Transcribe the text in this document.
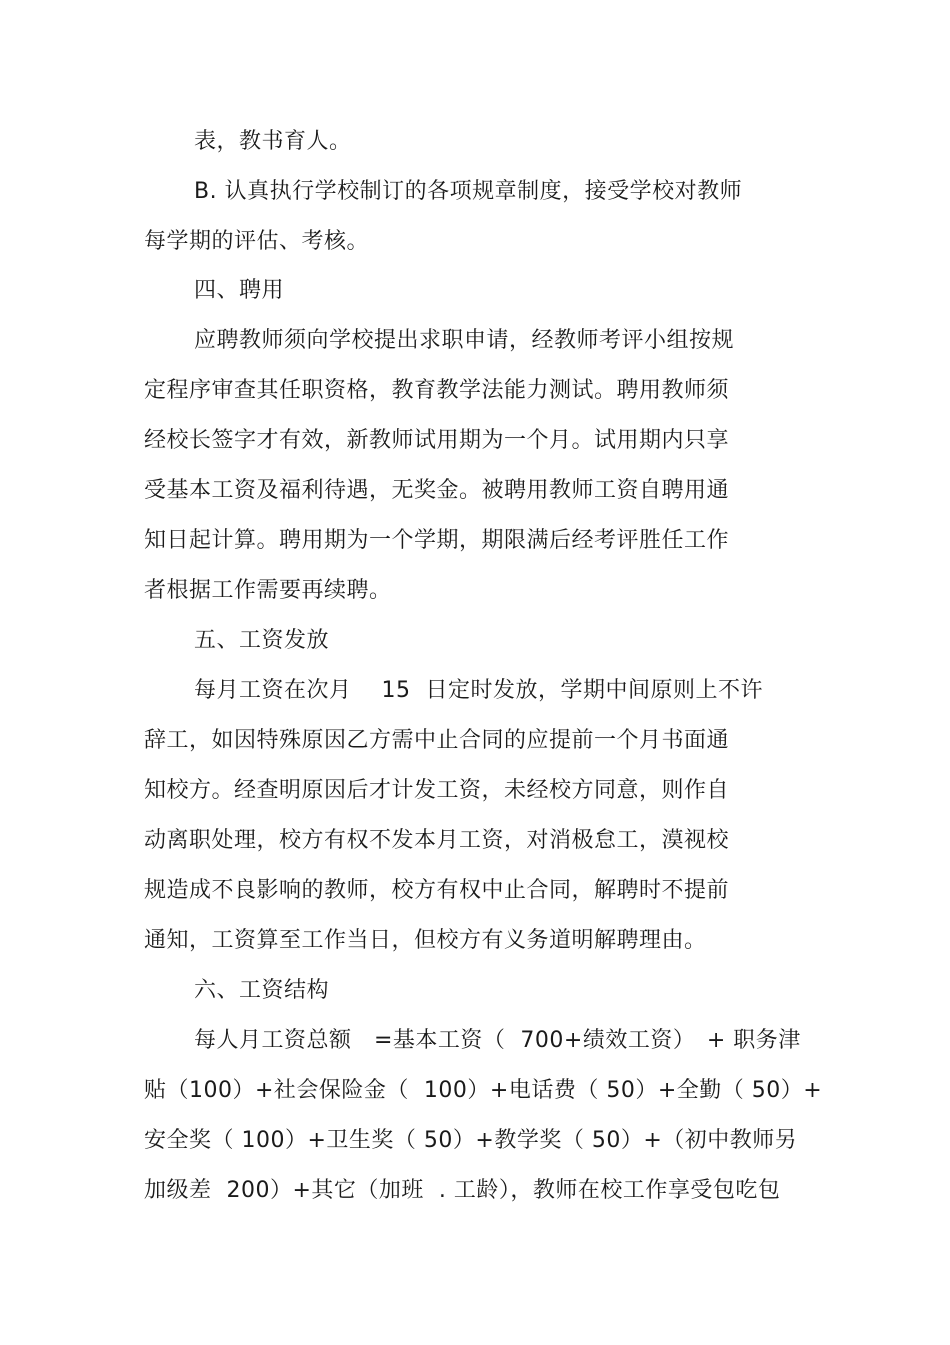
表，教书育人。
B. 认真执行学校制订的各项规章制度，接受学校对教师
每学期的评估、考核。
四、聘用
应聘教师须向学校提出求职申请，经教师考评小组按规
定程序审查其任职资格，教育教学法能力测试。聘用教师须
经校长签字才有效，新教师试用期为一个月。试用期内只享
受基本工资及福利待遇，无奖金。被聘用教师工资自聘用通
知日起计算。聘用期为一个学期，期限满后经考评胜任工作
者根据工作需要再续聘。
五、工资发放
每月工资在次月　 15  日定时发放，学期中间原则上不许
辞工，如因特殊原因乙方需中止合同的应提前一个月书面通
知校方。经查明原因后才计发工资，未经校方同意，则作自
动离职处理，校方有权不发本月工资，对消极怠工，漠视校
规造成不良影响的教师，校方有权中止合同，解聘时不提前
通知，工资算至工作当日，但校方有义务道明解聘理由。
六、工资结构
每人月工资总额　=基本工资（  700+绩效工资）　+ 职务津
贴（100）+社会保险金（  100）+电话费（ 50）+全勤（ 50）+
安全奖（ 100）+卫生奖（ 50）+教学奖（ 50）+（初中教师另
加级差  200）+其它（加班  . 工龄），教师在校工作享受包吃包
